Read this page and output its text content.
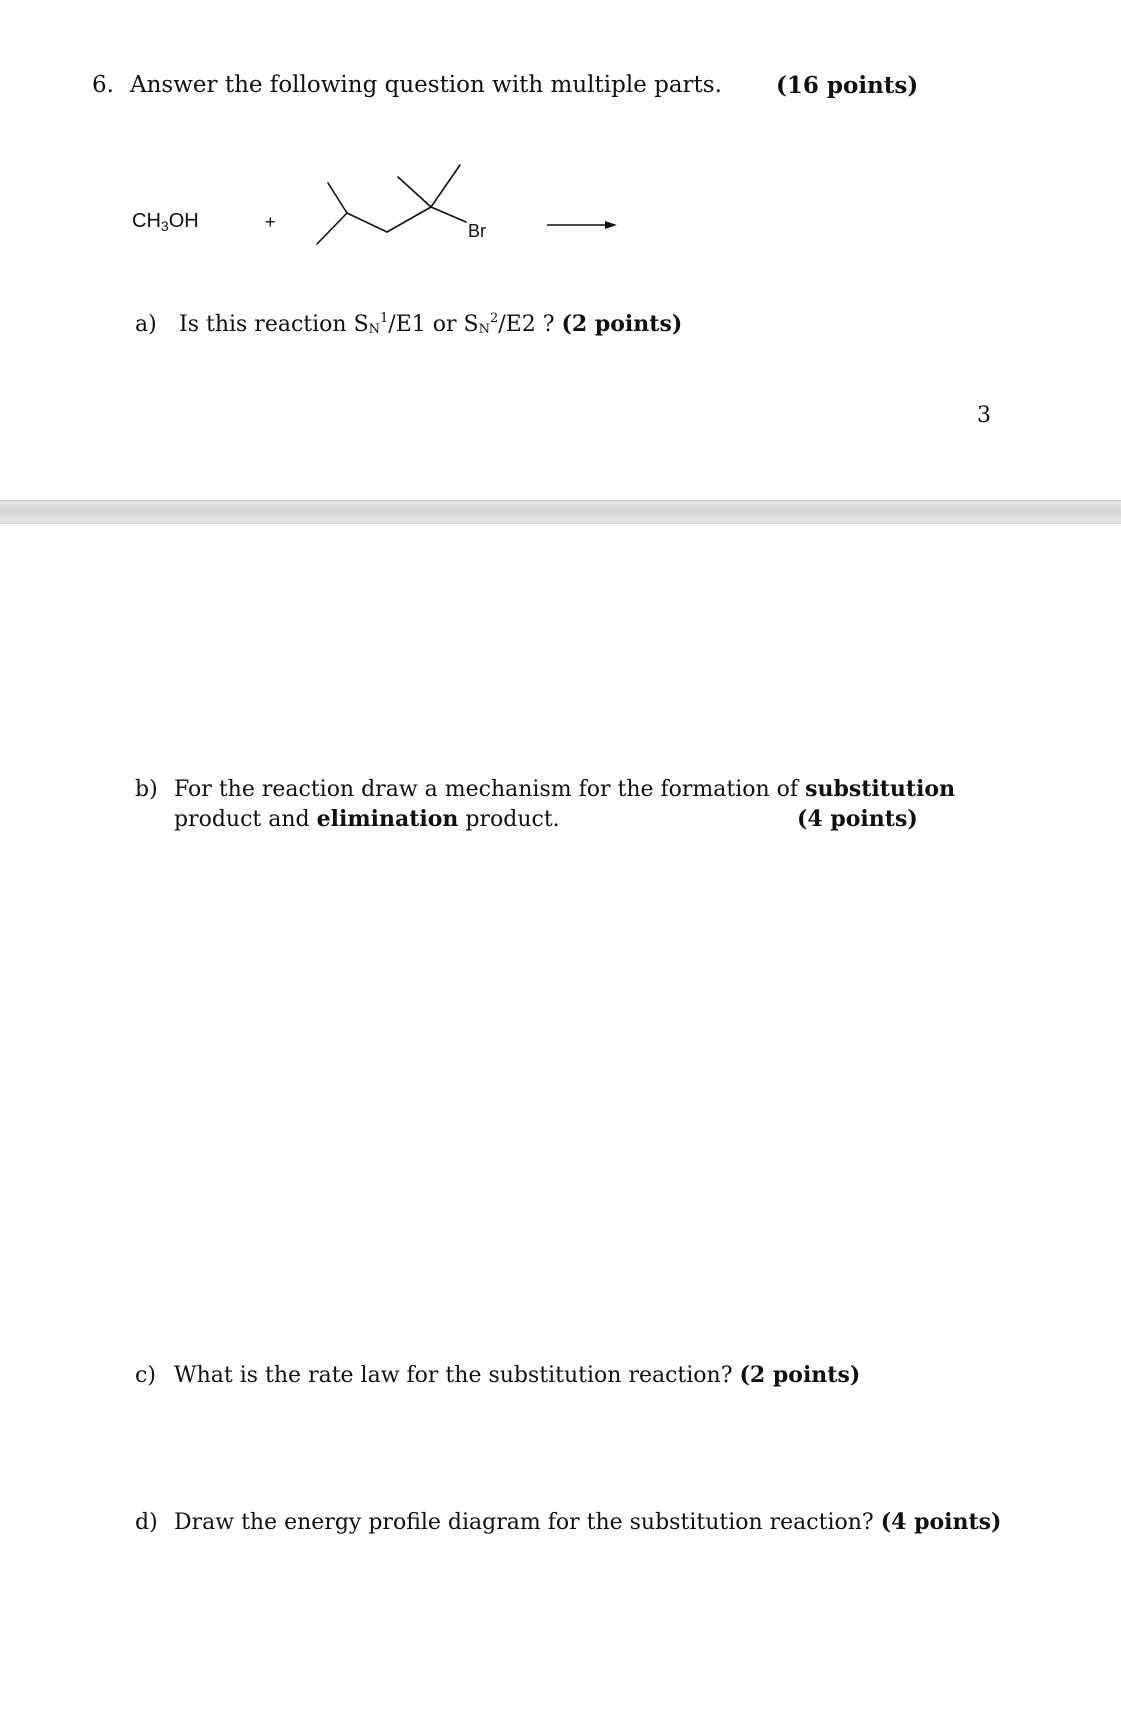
6. Answer the following question with multiple parts. (16 points)
$CH_3OH$	+	Br
a) Is this reaction $SN^1/E1$ or $SN^2/E2$ ? (2 points)
3
b) For the reaction draw a mechanism for the formation of substitution
product and elimination product.	(4 points)
c) What is the rate law for the substitution reaction? (2 points)
d) Draw the energy profile diagram for the substitution reaction? (4 points)
